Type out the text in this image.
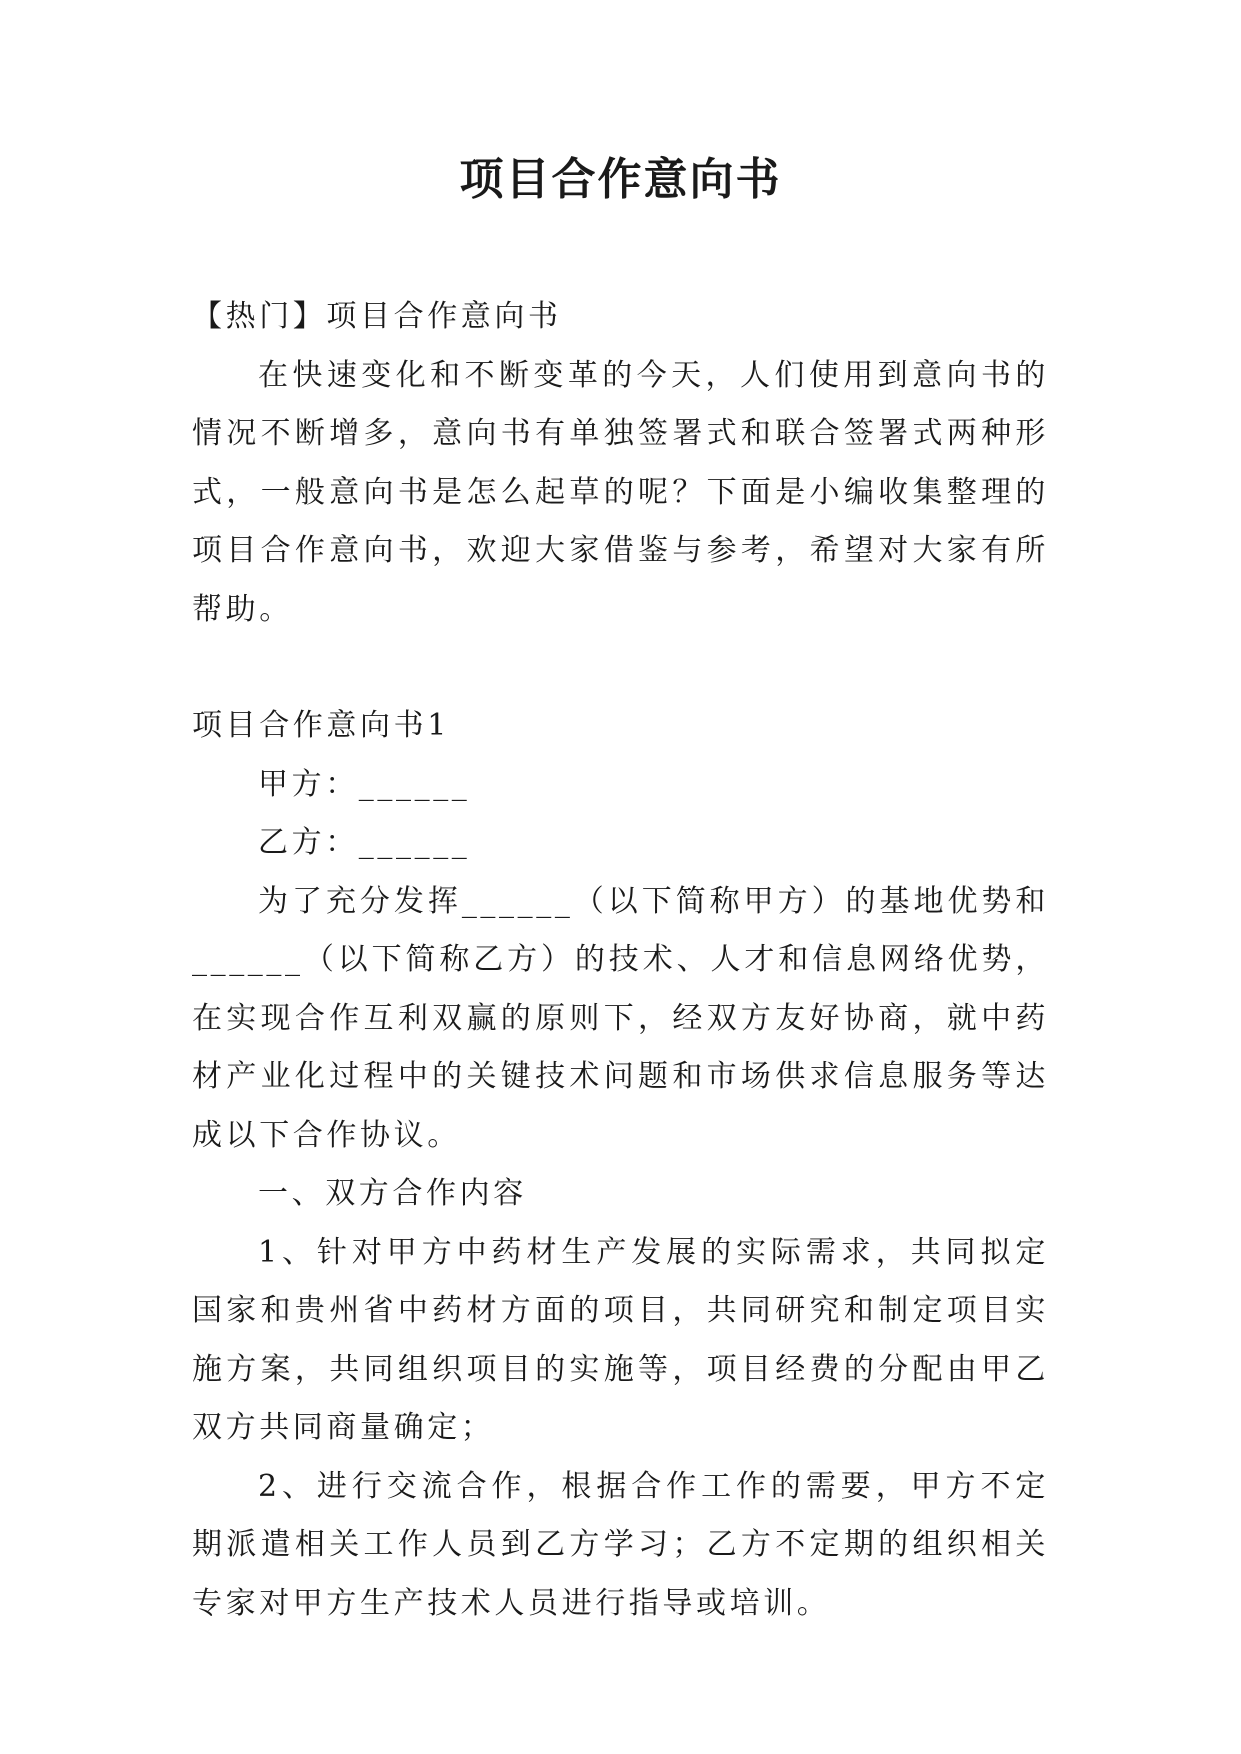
项目合作意向书

【热门】项目合作意向书

在快速变化和不断变革的今天，人们使用到意向书的情况不断增多，意向书有单独签署式和联合签署式两种形式，一般意向书是怎么起草的呢？下面是小编收集整理的项目合作意向书，欢迎大家借鉴与参考，希望对大家有所帮助。

项目合作意向书1

甲方：______

乙方：______

为了充分发挥______（以下简称甲方）的基地优势和______（以下简称乙方）的技术、人才和信息网络优势，在实现合作互利双赢的原则下，经双方友好协商，就中药材产业化过程中的关键技术问题和市场供求信息服务等达成以下合作协议。

一、双方合作内容

1、针对甲方中药材生产发展的实际需求，共同拟定国家和贵州省中药材方面的项目，共同研究和制定项目实施方案，共同组织项目的实施等，项目经费的分配由甲乙双方共同商量确定；

2、进行交流合作，根据合作工作的需要，甲方不定期派遣相关工作人员到乙方学习；乙方不定期的组织相关专家对甲方生产技术人员进行指导或培训。
